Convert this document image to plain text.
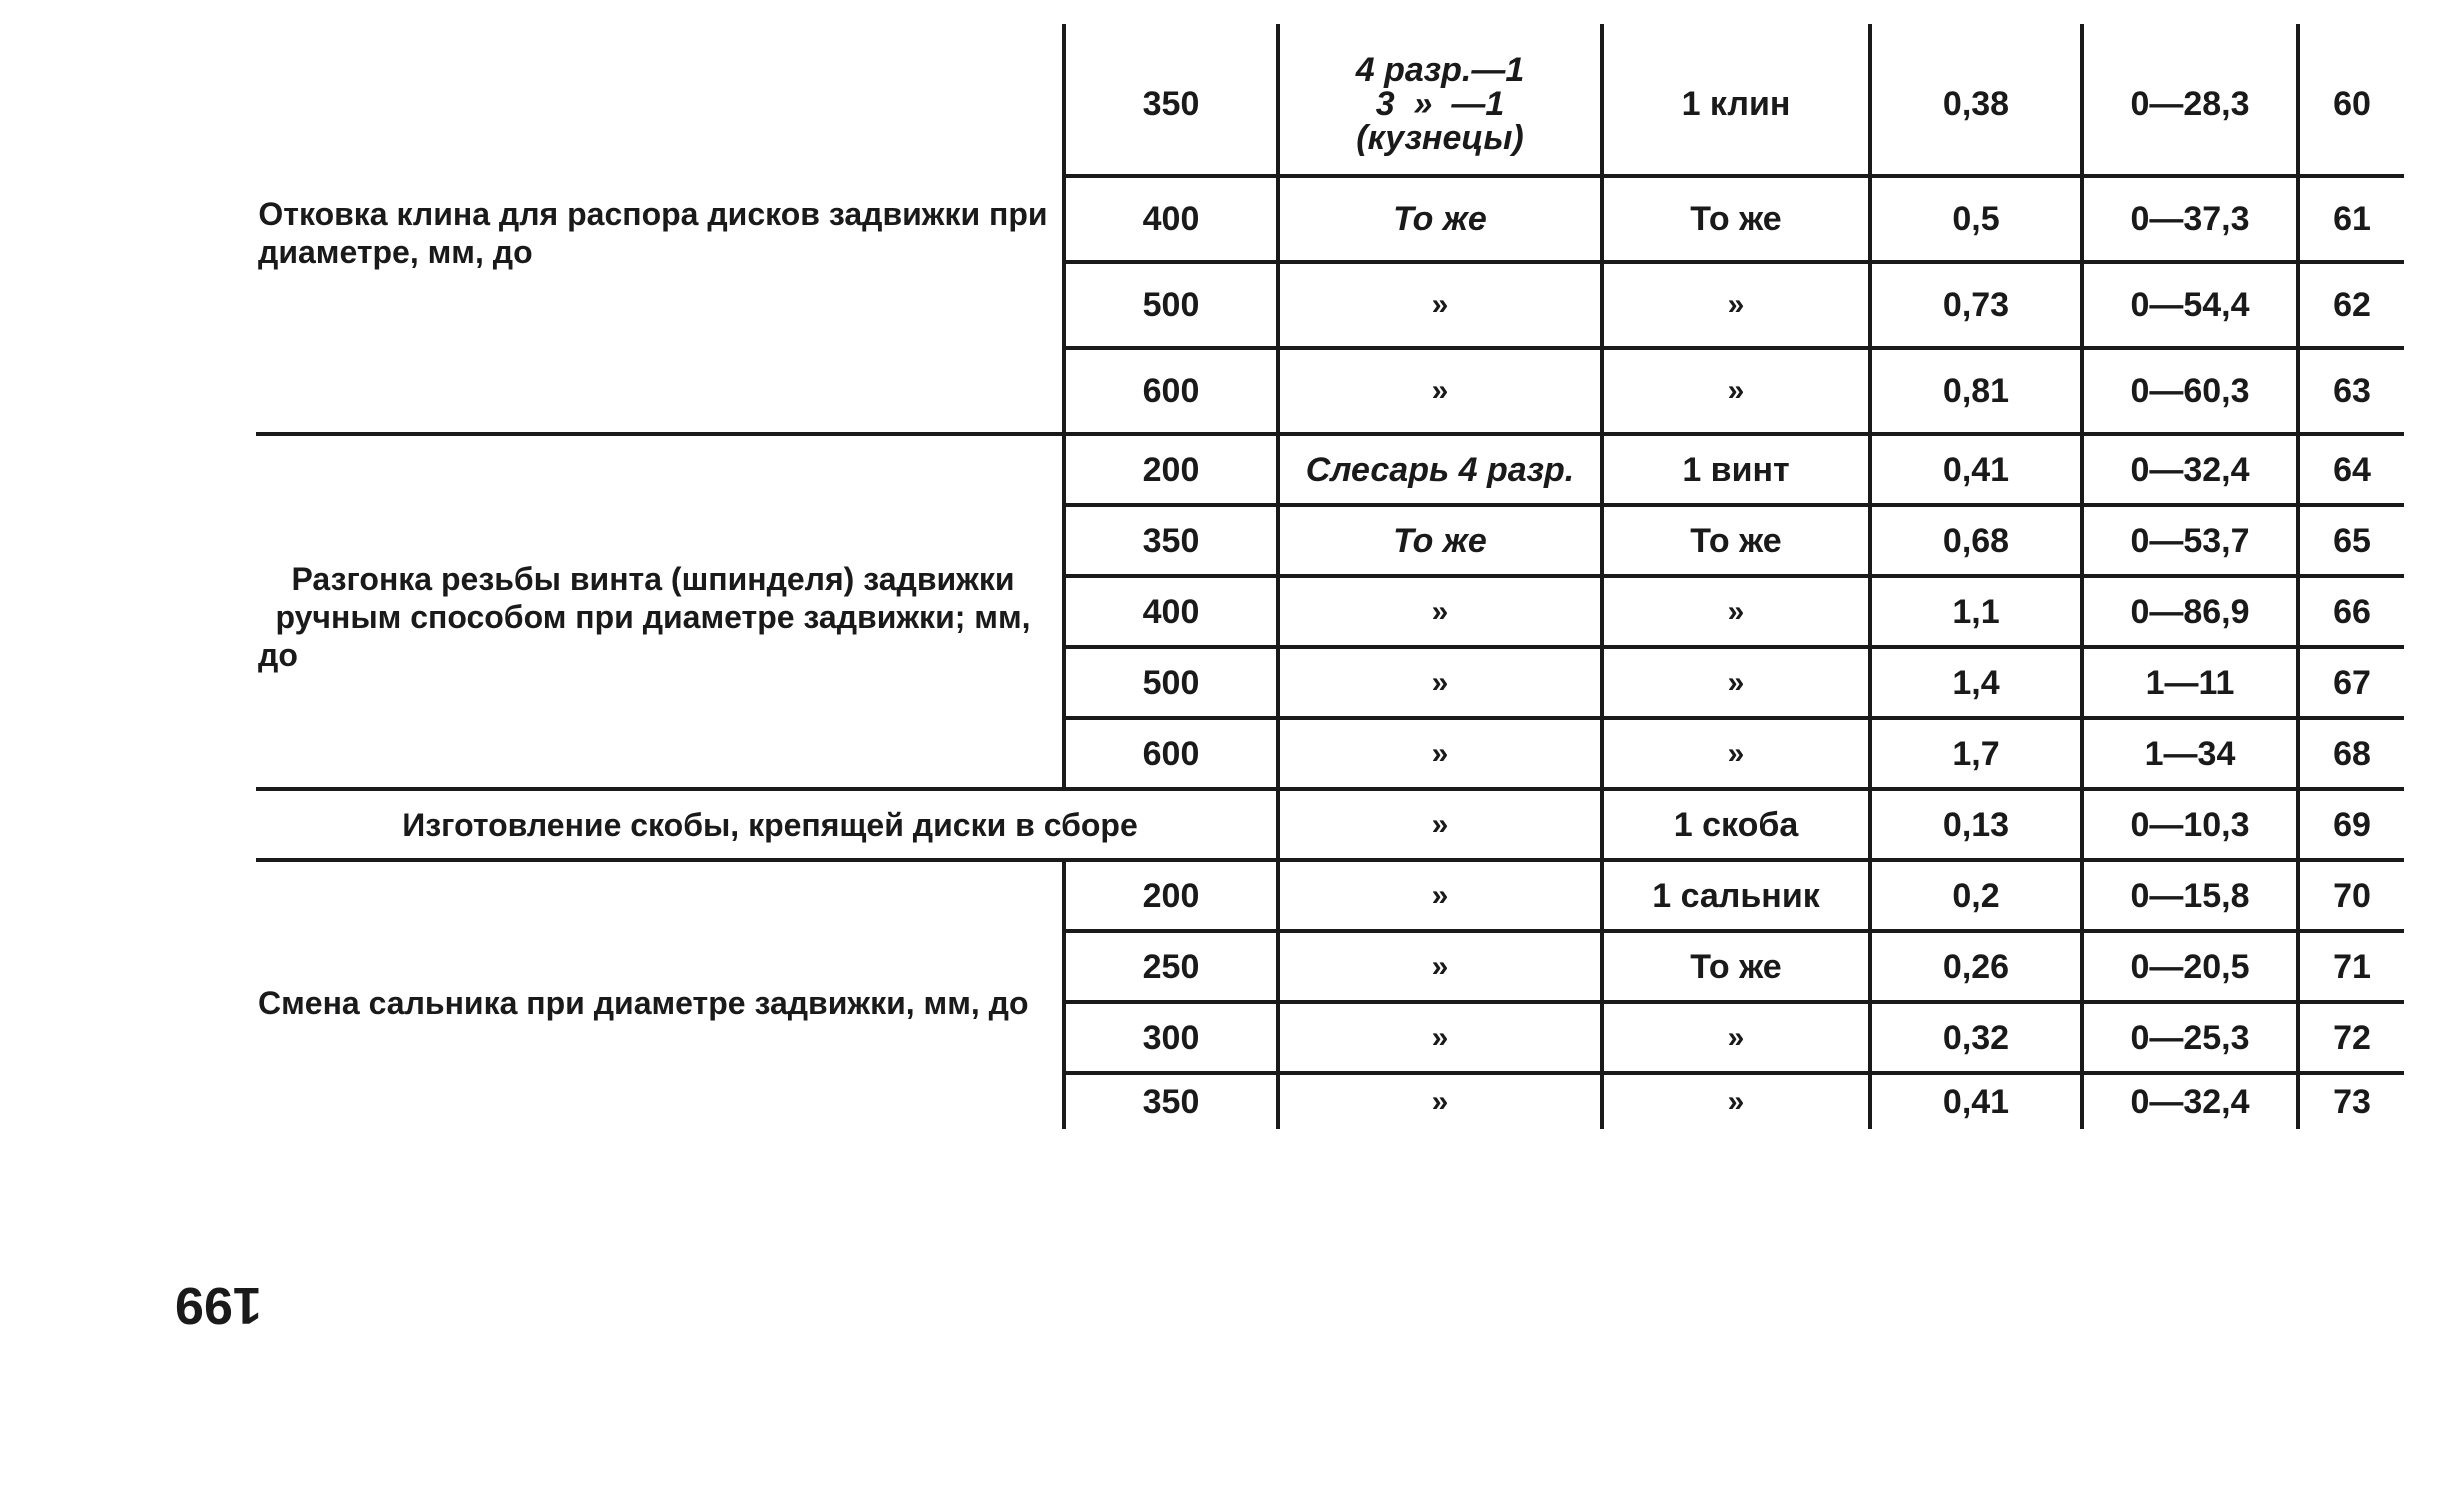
Отковка клина для распора дисков задвижки при диаметре, мм, до	350	4 разр.—1
3  »  —1
(кузнецы)	1 клин	0,38	0—28,3	60
	400	То же	То же	0,5	0—37,3	61
	500	»	»	0,73	0—54,4	62
	600	»	»	0,81	0—60,3	63
Разгонка резьбы винта (шпинделя) задвижки ручным способом при диаметре задвижки; мм, до	200	Слесарь 4 разр.	1 винт	0,41	0—32,4	64
	350	То же	То же	0,68	0—53,7	65
	400	»	»	1,1	0—86,9	66
	500	»	»	1,4	1—11	67
	600	»	»	1,7	1—34	68
Изготовление скобы, крепящей диски в сборе		»	1 скоба	0,13	0—10,3	69
Смена сальника при диаметре задвижки, мм, до	200	»	1 сальник	0,2	0—15,8	70
	250	»	То же	0,26	0—20,5	71
	300	»	»	0,32	0—25,3	72
	350	»	»	0,41	0—32,4	73
199
